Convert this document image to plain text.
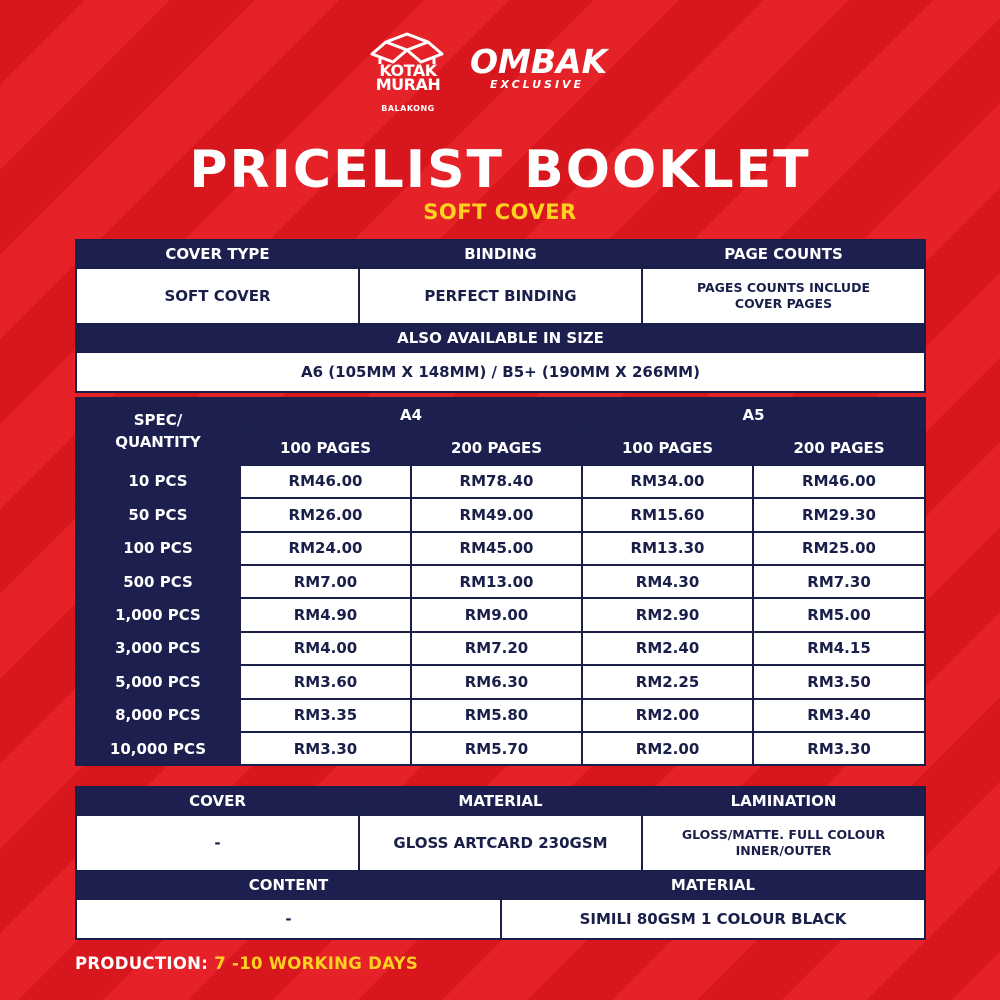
KOTAK
MURAH
BALAKONG
OMBAK
EXCLUSIVE
PRICELIST BOOKLET
SOFT COVER
COVER TYPE	BINDING	PAGE COUNTS
SOFT COVER	PERFECT BINDING	PAGES COUNTS INCLUDE COVER PAGES
ALSO AVAILABLE IN SIZE		
A6 (105MM X 148MM) / B5+ (190MM X 266MM)		
SPEC/ QUANTITY	A4		A5	
	100 PAGES	200 PAGES	100 PAGES	200 PAGES
10 PCS	RM46.00	RM78.40	RM34.00	RM46.00
50 PCS	RM26.00	RM49.00	RM15.60	RM29.30
100 PCS	RM24.00	RM45.00	RM13.30	RM25.00
500 PCS	RM7.00	RM13.00	RM4.30	RM7.30
1,000 PCS	RM4.90	RM9.00	RM2.90	RM5.00
3,000 PCS	RM4.00	RM7.20	RM2.40	RM4.15
5,000 PCS	RM3.60	RM6.30	RM2.25	RM3.50
8,000 PCS	RM3.35	RM5.80	RM2.00	RM3.40
10,000 PCS	RM3.30	RM5.70	RM2.00	RM3.30
COVER	MATERIAL		LAMINATION
-	GLOSS ARTCARD 230GSM		GLOSS/MATTE. FULL COLOUR INNER/OUTER
CONTENT		MATERIAL	
-		SIMILI 80GSM 1 COLOUR BLACK	
PRODUCTION: 7 -10 WORKING DAYS
